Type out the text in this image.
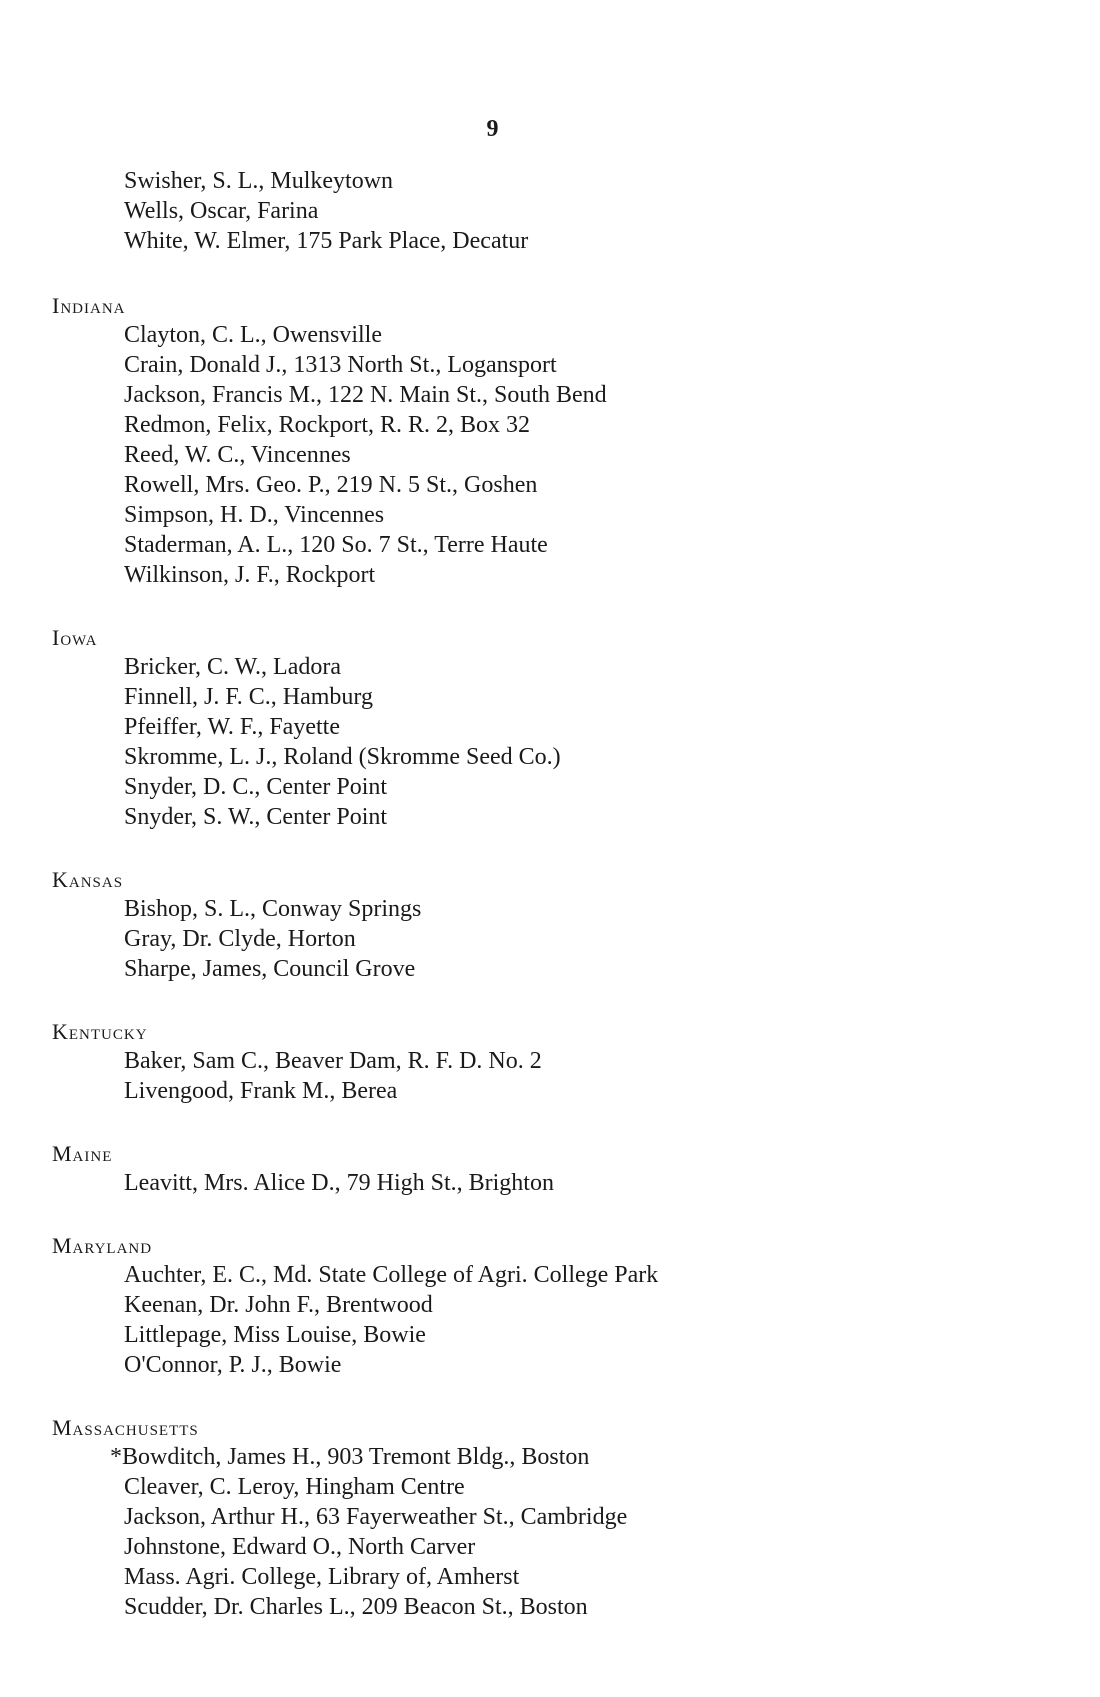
9
Swisher, S. L., Mulkeytown
Wells, Oscar, Farina
White, W. Elmer, 175 Park Place, Decatur
Indiana
Clayton, C. L., Owensville
Crain, Donald J., 1313 North St., Logansport
Jackson, Francis M., 122 N. Main St., South Bend
Redmon, Felix, Rockport, R. R. 2, Box 32
Reed, W. C., Vincennes
Rowell, Mrs. Geo. P., 219 N. 5 St., Goshen
Simpson, H. D., Vincennes
Staderman, A. L., 120 So. 7 St., Terre Haute
Wilkinson, J. F., Rockport
Iowa
Bricker, C. W., Ladora
Finnell, J. F. C., Hamburg
Pfeiffer, W. F., Fayette
Skromme, L. J., Roland (Skromme Seed Co.)
Snyder, D. C., Center Point
Snyder, S. W., Center Point
Kansas
Bishop, S. L., Conway Springs
Gray, Dr. Clyde, Horton
Sharpe, James, Council Grove
Kentucky
Baker, Sam C., Beaver Dam, R. F. D. No. 2
Livengood, Frank M., Berea
Maine
Leavitt, Mrs. Alice D., 79 High St., Brighton
Maryland
Auchter, E. C., Md. State College of Agri. College Park
Keenan, Dr. John F., Brentwood
Littlepage, Miss Louise, Bowie
O'Connor, P. J., Bowie
Massachusetts
*Bowditch, James H., 903 Tremont Bldg., Boston
Cleaver, C. Leroy, Hingham Centre
Jackson, Arthur H., 63 Fayerweather St., Cambridge
Johnstone, Edward O., North Carver
Mass. Agri. College, Library of, Amherst
Scudder, Dr. Charles L., 209 Beacon St., Boston
